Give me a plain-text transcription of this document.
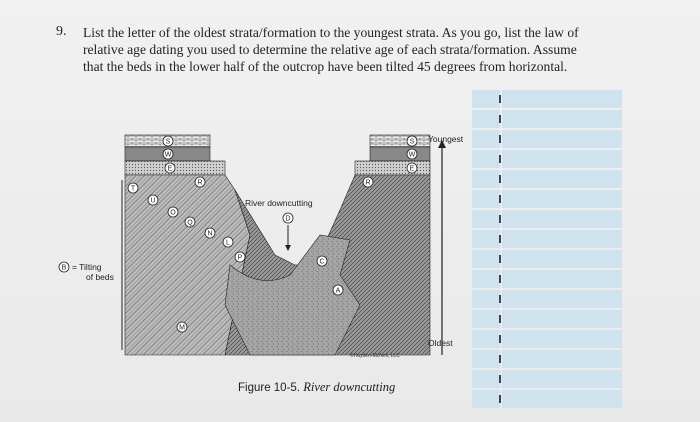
9. List the letter of the oldest strata/formation to the youngest strata. As you go, list the law of relative age dating you used to determine the relative age of each strata/formation. Assume that the beds in the lower half of the outcrop have been tilted 45 degrees from horizontal.
River downcutting
Youngest
Oldest
B = Tilting
of beds
©Hayden-McNeil, LLC
S
W
E
R
T
U
O
Q
N
L
P
M
D
C
A
S
W
E
R
Figure 10-5. River downcutting
